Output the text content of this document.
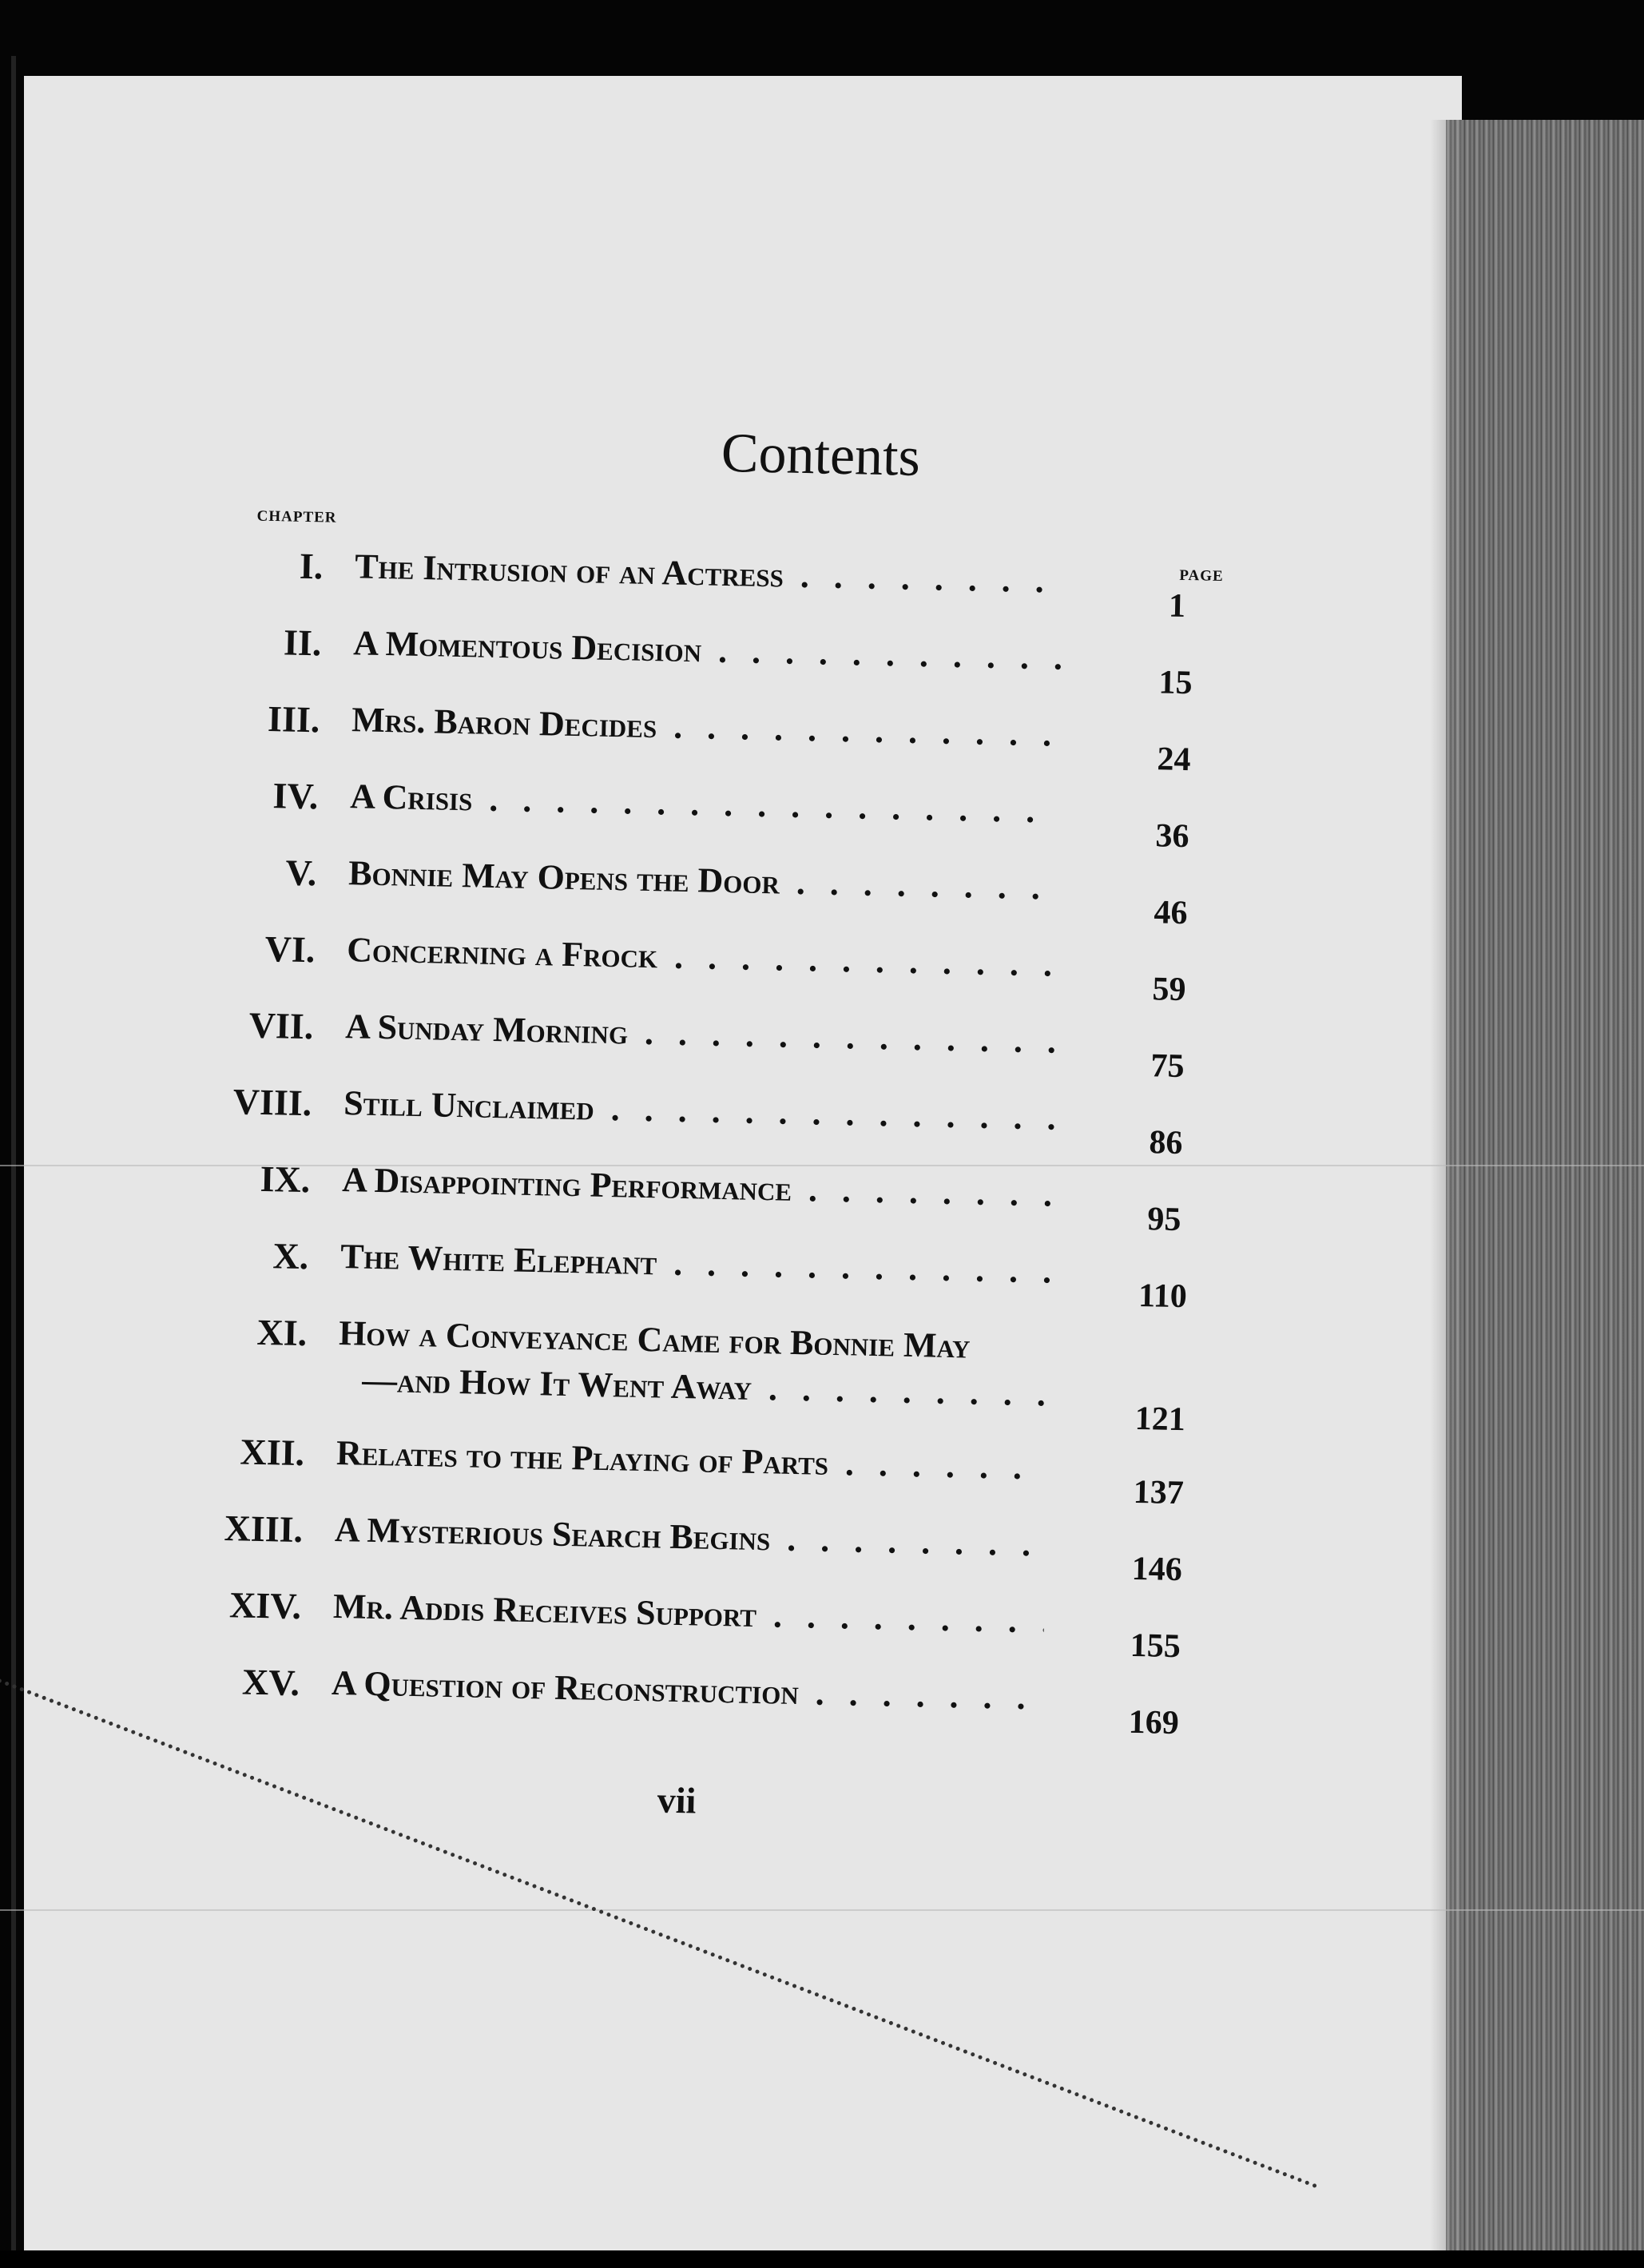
Contents
CHAPTER
PAGE
I. The Intrusion of an Actress . . .
1
II. A Momentous Decision . . .
15
III. Mrs. Baron Decides . . .
24
IV. A Crisis . . .
36
V. Bonnie May Opens the Door . . .
46
VI. Concerning a Frock . . .
59
VII. A Sunday Morning . . .
75
VIII. Still Unclaimed . . .
86
IX. A Disappointing Performance . . .
95
X. The White Elephant . . .
110
XI. How a Conveyance Came for Bonnie May
—and How It Went Away . . .
121
XII. Relates to the Playing of Parts . . .
137
XIII. A Mysterious Search Begins . . .
146
XIV. Mr. Addis Receives Support . . .
155
XV. A Question of Reconstruction . . .
169
vii
